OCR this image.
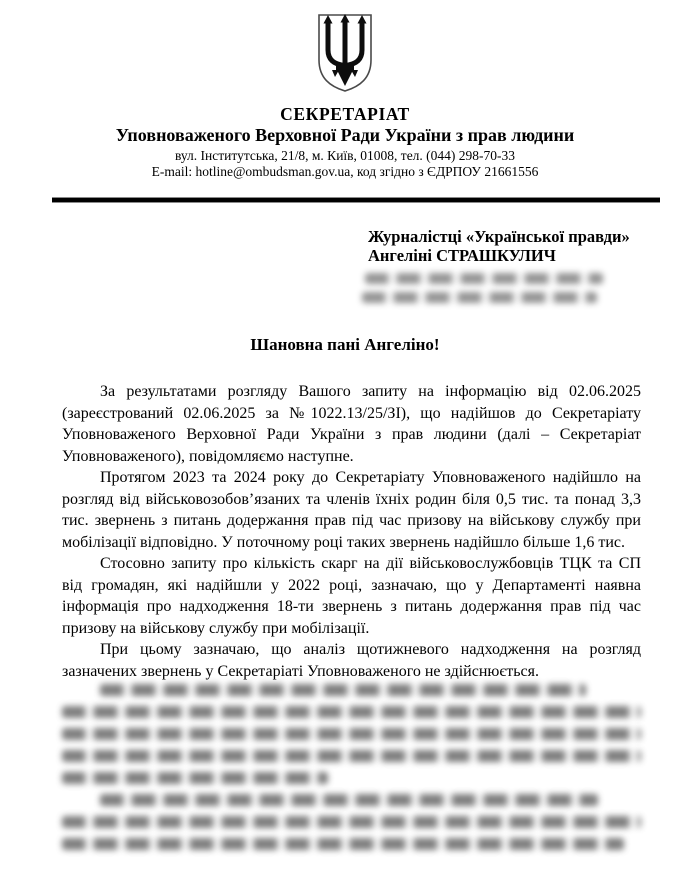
СЕКРЕТАРІАТ
Уповноваженого Верховної Ради України з прав людини
вул. Інститутська, 21/8, м. Київ, 01008, тел. (044) 298-70-33
E-mail: hotline@ombudsman.gov.ua, код згідно з ЄДРПОУ 21661556
Журналістці «Української правди»
Ангеліні СТРАШКУЛИЧ
Шановна пані Ангеліно!

За результатами розгляду Вашого запиту на інформацію від 02.06.2025 (зареєстрований 02.06.2025 за №1022.13/25/ЗІ), що надійшов до Секретаріату Уповноваженого Верховної Ради України з прав людини (далі – Секретаріат Уповноваженого), повідомляємо наступне.

Протягом 2023 та 2024 року до Секретаріату Уповноваженого надійшло на розгляд від військовозобов’язаних та членів їхніх родин біля 0,5 тис. та понад 3,3 тис. звернень з питань додержання прав під час призову на військову службу при мобілізації відповідно. У поточному році таких звернень надійшло більше 1,6 тис.

Стосовно запиту про кількість скарг на дії військовослужбовців ТЦК та СП від громадян, які надійшли у 2022 році, зазначаю, що у Департаменті наявна інформація про надходження 18-ти звернень з питань додержання прав під час призову на військову службу при мобілізації.

При цьому зазначаю, що аналіз щотижневого надходження на розгляд зазначених звернень у Секретаріаті Уповноваженого не здійснюється.
